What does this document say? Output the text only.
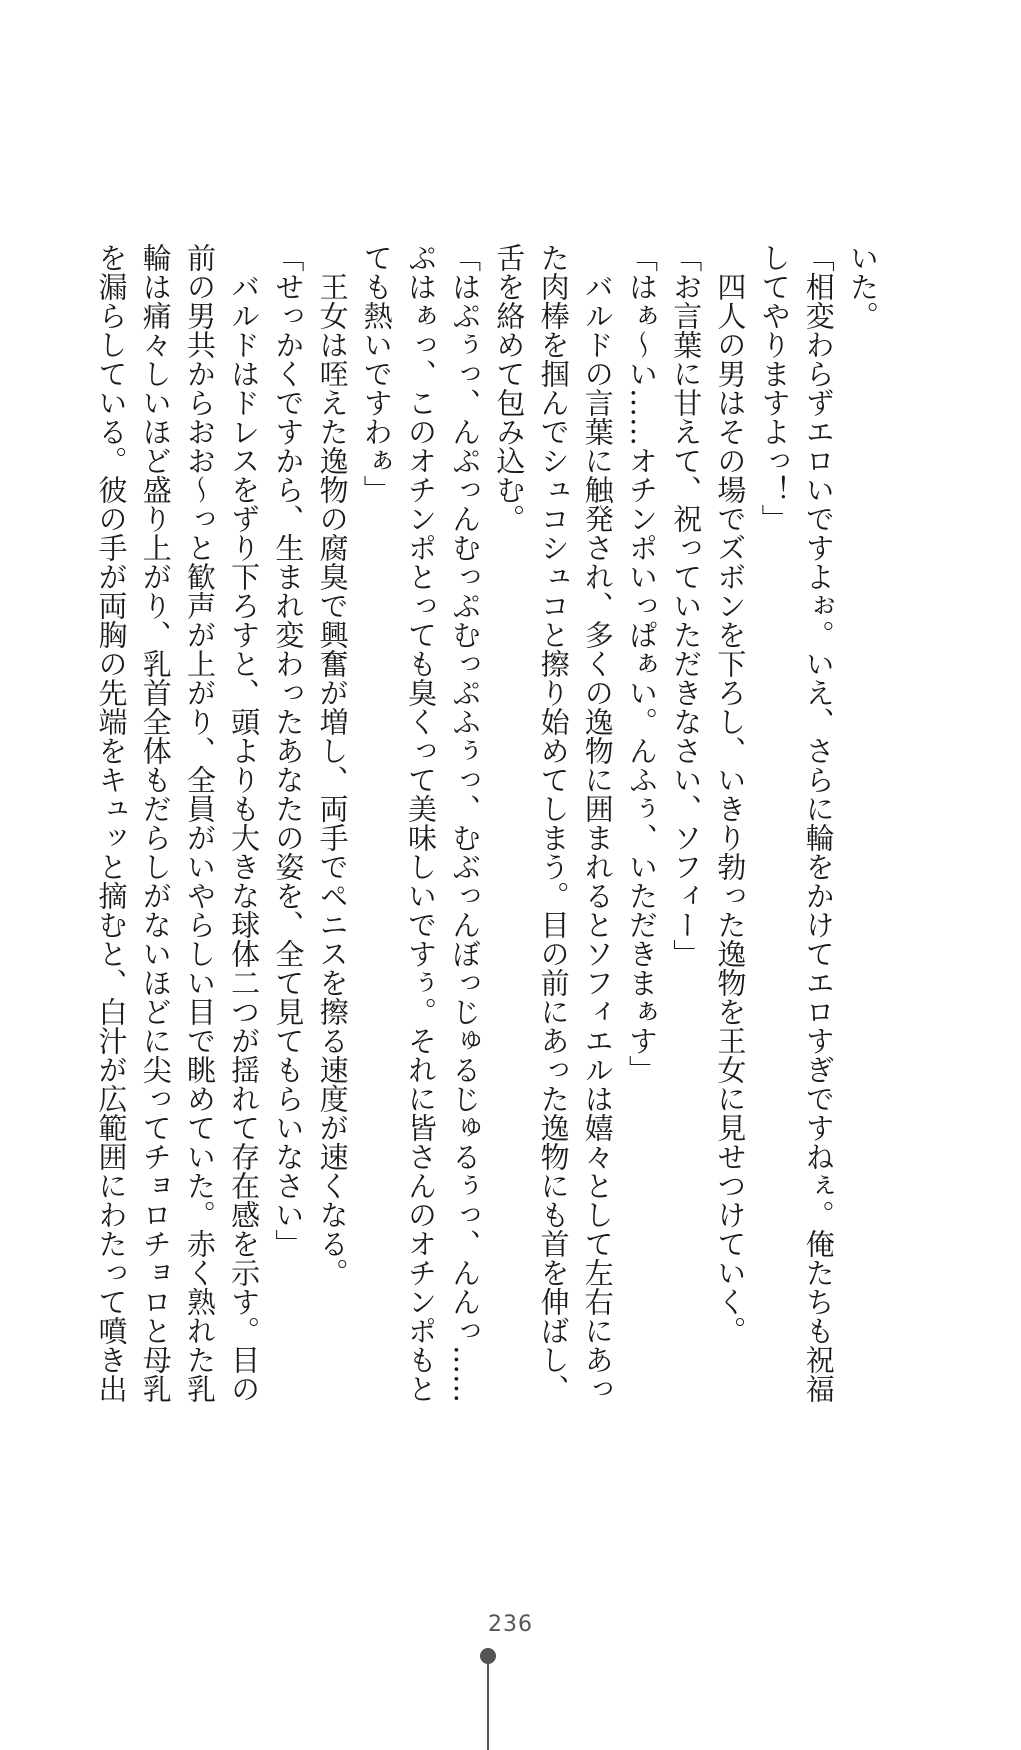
いた。
「相変わらずエロいですよぉ。いえ、さらに輪をかけてエロすぎですねぇ。俺たちも祝福
してやりますよっ！」
　四人の男はその場でズボンを下ろし、いきり勃った逸物を王女に見せつけていく。
「お言葉に甘えて、祝っていただきなさい、ソフィー」
「はぁ～い……オチンポいっぱぁい。んふぅ、いただきまぁす」
　バルドの言葉に触発され、多くの逸物に囲まれるとソフィエルは嬉々として左右にあっ
た肉棒を掴んでシュコシュコと擦り始めてしまう。目の前にあった逸物にも首を伸ばし、
舌を絡めて包み込む。
「はぷぅっ、んぷっんむっぷむっぷふぅっ、むぶっんぼっじゅるじゅるぅっ、んんっ……
ぷはぁっ、このオチンポとっても臭くって美味しいですぅ。それに皆さんのオチンポもと
ても熱いですわぁ」
　王女は咥えた逸物の腐臭で興奮が増し、両手でペニスを擦る速度が速くなる。
「せっかくですから、生まれ変わったあなたの姿を、全て見てもらいなさい」
　バルドはドレスをずり下ろすと、頭よりも大きな球体二つが揺れて存在感を示す。目の
前の男共からおお～っと歓声が上がり、全員がいやらしい目で眺めていた。赤く熟れた乳
輪は痛々しいほど盛り上がり、乳首全体もだらしがないほどに尖ってチョロチョロと母乳
を漏らしている。彼の手が両胸の先端をキュッと摘むと、白汁が広範囲にわたって噴き出
236
